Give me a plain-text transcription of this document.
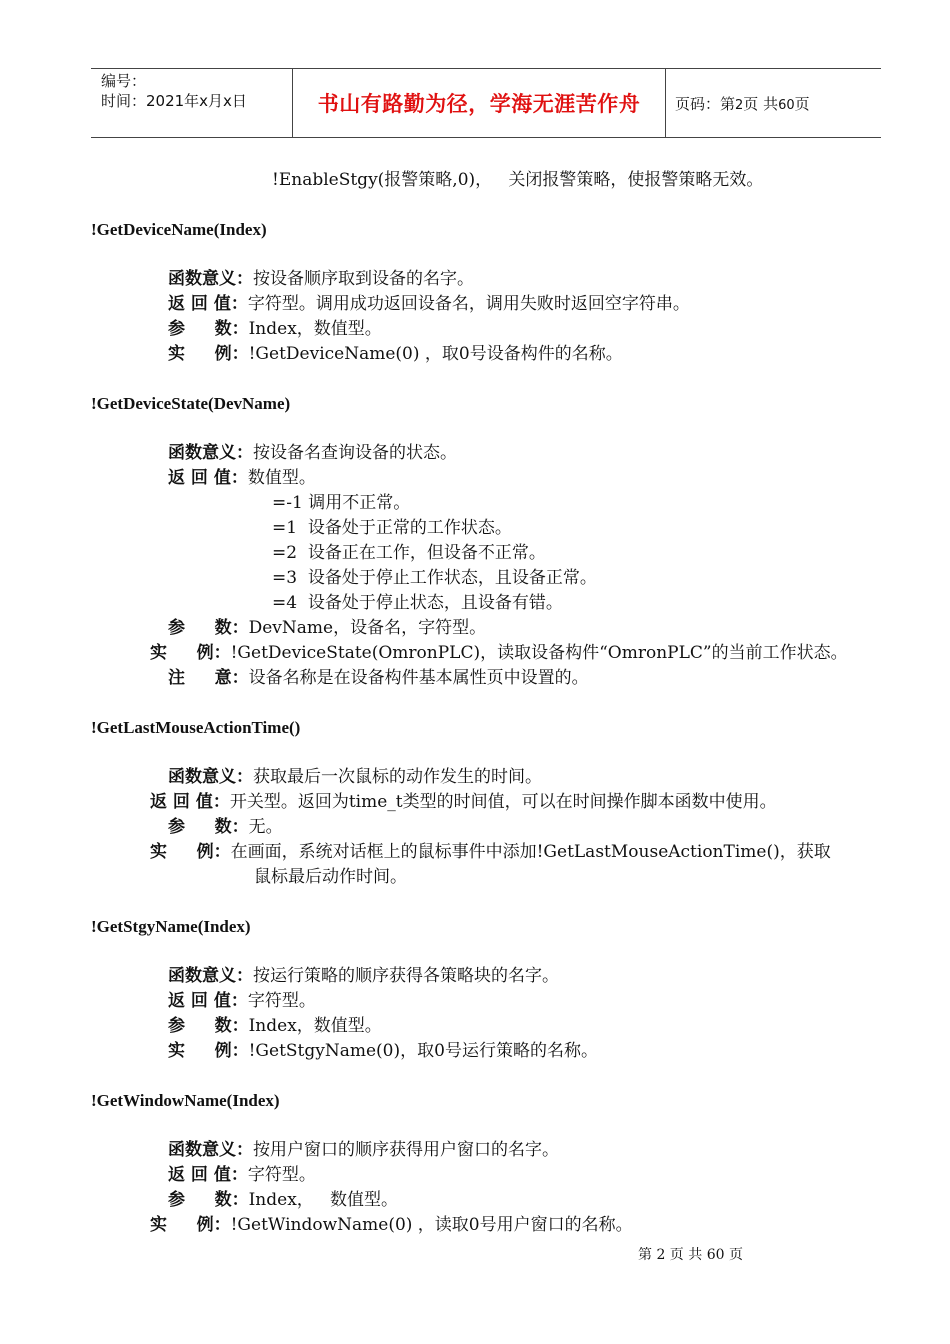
编号：
时间：2021年x月x日	书山有路勤为径，学海无涯苦作舟	页码：第2页 共60页
!EnableStgy(报警策略,0)，   关闭报警策略，使报警策略无效。
!GetDeviceName(Index)
函数意义：按设备顺序取到设备的名字。
返 回 值：字符型。调用成功返回设备名，调用失败时返回空字符串。
参     数：Index，数值型。
实     例：!GetDeviceName(0) ，取0号设备构件的名称。
!GetDeviceState(DevName)
函数意义：按设备名查询设备的状态。
返 回 值：数值型。
=-1 调用不正常。
=1  设备处于正常的工作状态。
=2  设备正在工作，但设备不正常。
=3  设备处于停止工作状态，且设备正常。
=4  设备处于停止状态，且设备有错。
参     数：DevName，设备名，字符型。
实     例：!GetDeviceState(OmronPLC)，读取设备构件“OmronPLC”的当前工作状态。
注     意：设备名称是在设备构件基本属性页中设置的。
!GetLastMouseActionTime()
函数意义：获取最后一次鼠标的动作发生的时间。
返 回 值：开关型。返回为time_t类型的时间值，可以在时间操作脚本函数中使用。
参     数：无。
实     例：在画面，系统对话框上的鼠标事件中添加!GetLastMouseActionTime()，获取
鼠标最后动作时间。
!GetStgyName(Index)
函数意义：按运行策略的顺序获得各策略块的名字。
返 回 值：字符型。
参     数：Index，数值型。
实     例：!GetStgyName(0)，取0号运行策略的名称。
!GetWindowName(Index)
函数意义：按用户窗口的顺序获得用户窗口的名字。
返 回 值：字符型。
参     数：Index，   数值型。
实     例：!GetWindowName(0) ，读取0号用户窗口的名称。
第 2 页 共 60 页
